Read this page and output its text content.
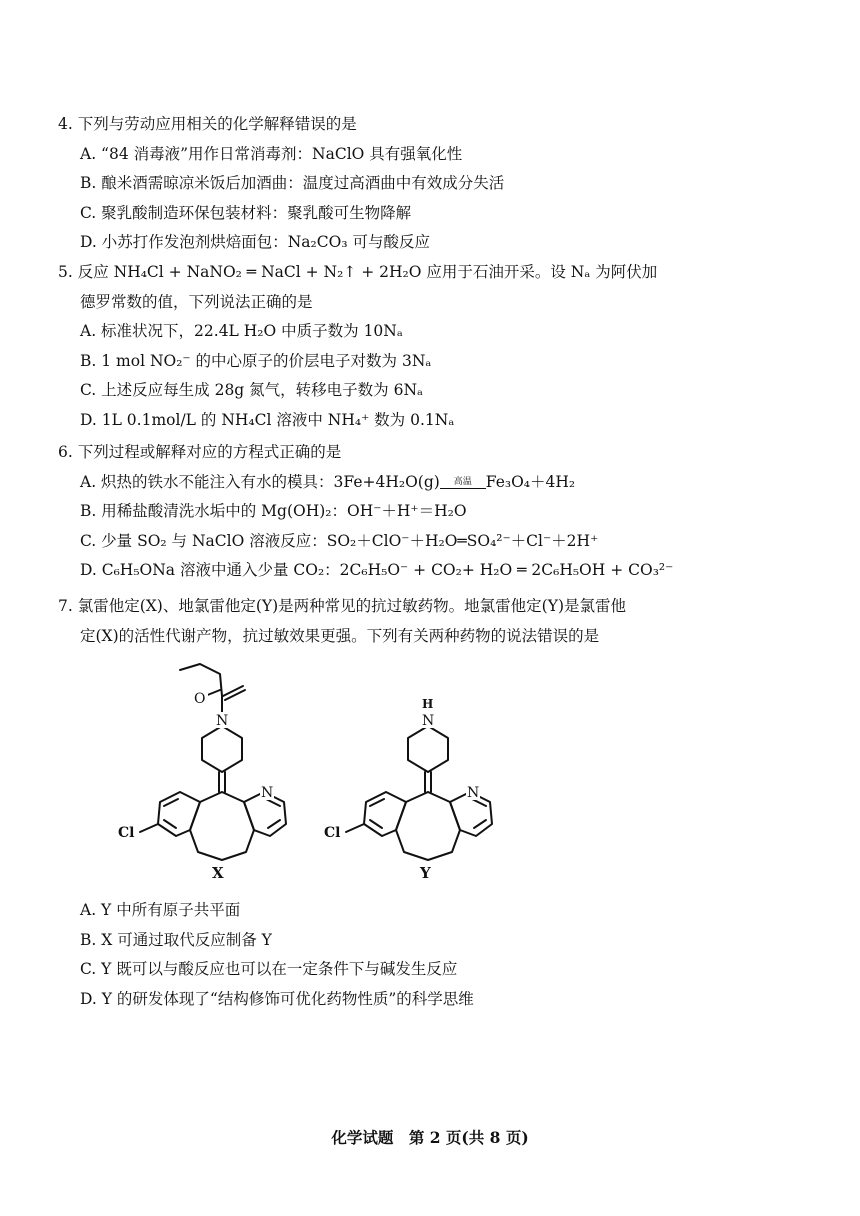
4. 下列与劳动应用相关的化学解释错误的是
A. “84 消毒液”用作日常消毒剂：NaClO 具有强氧化性
B. 酿米酒需晾凉米饭后加酒曲：温度过高酒曲中有效成分失活
C. 聚乳酸制造环保包装材料：聚乳酸可生物降解
D. 小苏打作发泡剂烘焙面包：Na₂CO₃ 可与酸反应
5. 反应 NH₄Cl + NaNO₂ ═ NaCl + N₂↑ + 2H₂O 应用于石油开采。设 Nₐ 为阿伏加
德罗常数的值，下列说法正确的是
A. 标准状况下，22.4L H₂O 中质子数为 10Nₐ
B. 1 mol NO₂⁻ 的中心原子的价层电子对数为 3Nₐ
C. 上述反应每生成 28g 氮气，转移电子数为 6Nₐ
D. 1L 0.1mol/L 的 NH₄Cl 溶液中 NH₄⁺ 数为 0.1Nₐ
6. 下列过程或解释对应的方程式正确的是
A. 炽热的铁水不能注入有水的模具：3Fe+4H₂O(g)	高温 Fe₃O₄＋4H₂
B. 用稀盐酸清洗水垢中的 Mg(OH)₂：OH⁻＋H⁺＝H₂O
C. 少量 SO₂ 与 NaClO 溶液反应：SO₂＋ClO⁻＋H₂O═SO₄²⁻＋Cl⁻＋2H⁺
D. C₆H₅ONa 溶液中通入少量 CO₂：2C₆H₅O⁻ + CO₂+ H₂O ═ 2C₆H₅OH + CO₃²⁻
7. 氯雷他定(X)、地氯雷他定(Y)是两种常见的抗过敏药物。地氯雷他定(Y)是氯雷他
定(X)的活性代谢产物，抗过敏效果更强。下列有关两种药物的说法错误的是
O
N
N
Cl
X
H
N
N
Cl
Y
A. Y 中所有原子共平面
B. X 可通过取代反应制备 Y
C. Y 既可以与酸反应也可以在一定条件下与碱发生反应
D. Y 的研发体现了“结构修饰可优化药物性质”的科学思维
化学试题　第 2 页(共 8 页)
